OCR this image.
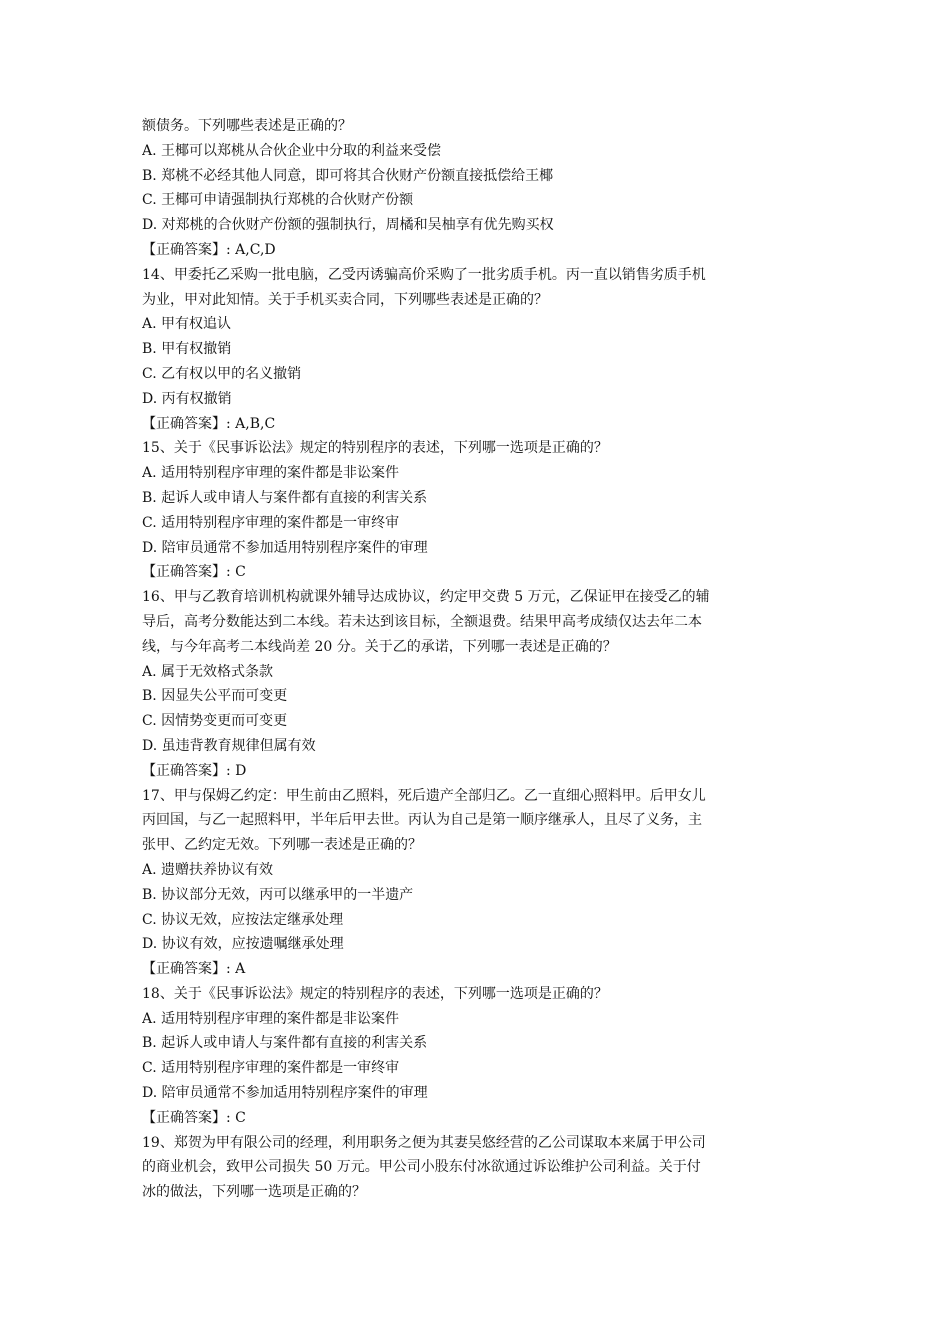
额债务。下列哪些表述是正确的？
A. 王椰可以郑桃从合伙企业中分取的利益来受偿
B. 郑桃不必经其他人同意，即可将其合伙财产份额直接抵偿给王椰
C. 王椰可申请强制执行郑桃的合伙财产份额
D. 对郑桃的合伙财产份额的强制执行，周橘和吴柚享有优先购买权
【正确答案】: A,C,D
14、甲委托乙采购一批电脑，乙受丙诱骗高价采购了一批劣质手机。丙一直以销售劣质手机
为业，甲对此知情。关于手机买卖合同，下列哪些表述是正确的？
A. 甲有权追认
B. 甲有权撤销
C. 乙有权以甲的名义撤销
D. 丙有权撤销
【正确答案】: A,B,C
15、关于《民事诉讼法》规定的特别程序的表述，下列哪一选项是正确的？
A. 适用特别程序审理的案件都是非讼案件
B. 起诉人或申请人与案件都有直接的利害关系
C. 适用特别程序审理的案件都是一审终审
D. 陪审员通常不参加适用特别程序案件的审理
【正确答案】: C
16、甲与乙教育培训机构就课外辅导达成协议，约定甲交费 5 万元，乙保证甲在接受乙的辅
导后，高考分数能达到二本线。若未达到该目标，全额退费。结果甲高考成绩仅达去年二本
线，与今年高考二本线尚差 20 分。关于乙的承诺，下列哪一表述是正确的？
A. 属于无效格式条款
B. 因显失公平而可变更
C. 因情势变更而可变更
D. 虽违背教育规律但属有效
【正确答案】: D
17、甲与保姆乙约定：甲生前由乙照料，死后遗产全部归乙。乙一直细心照料甲。后甲女儿
丙回国，与乙一起照料甲，半年后甲去世。丙认为自己是第一顺序继承人，且尽了义务，主
张甲、乙约定无效。下列哪一表述是正确的？
A. 遗赠扶养协议有效
B. 协议部分无效，丙可以继承甲的一半遗产
C. 协议无效，应按法定继承处理
D. 协议有效，应按遗嘱继承处理
【正确答案】: A
18、关于《民事诉讼法》规定的特别程序的表述，下列哪一选项是正确的？
A. 适用特别程序审理的案件都是非讼案件
B. 起诉人或申请人与案件都有直接的利害关系
C. 适用特别程序审理的案件都是一审终审
D. 陪审员通常不参加适用特别程序案件的审理
【正确答案】: C
19、郑贺为甲有限公司的经理，利用职务之便为其妻吴悠经营的乙公司谋取本来属于甲公司
的商业机会，致甲公司损失 50 万元。甲公司小股东付冰欲通过诉讼维护公司利益。关于付
冰的做法，下列哪一选项是正确的？
